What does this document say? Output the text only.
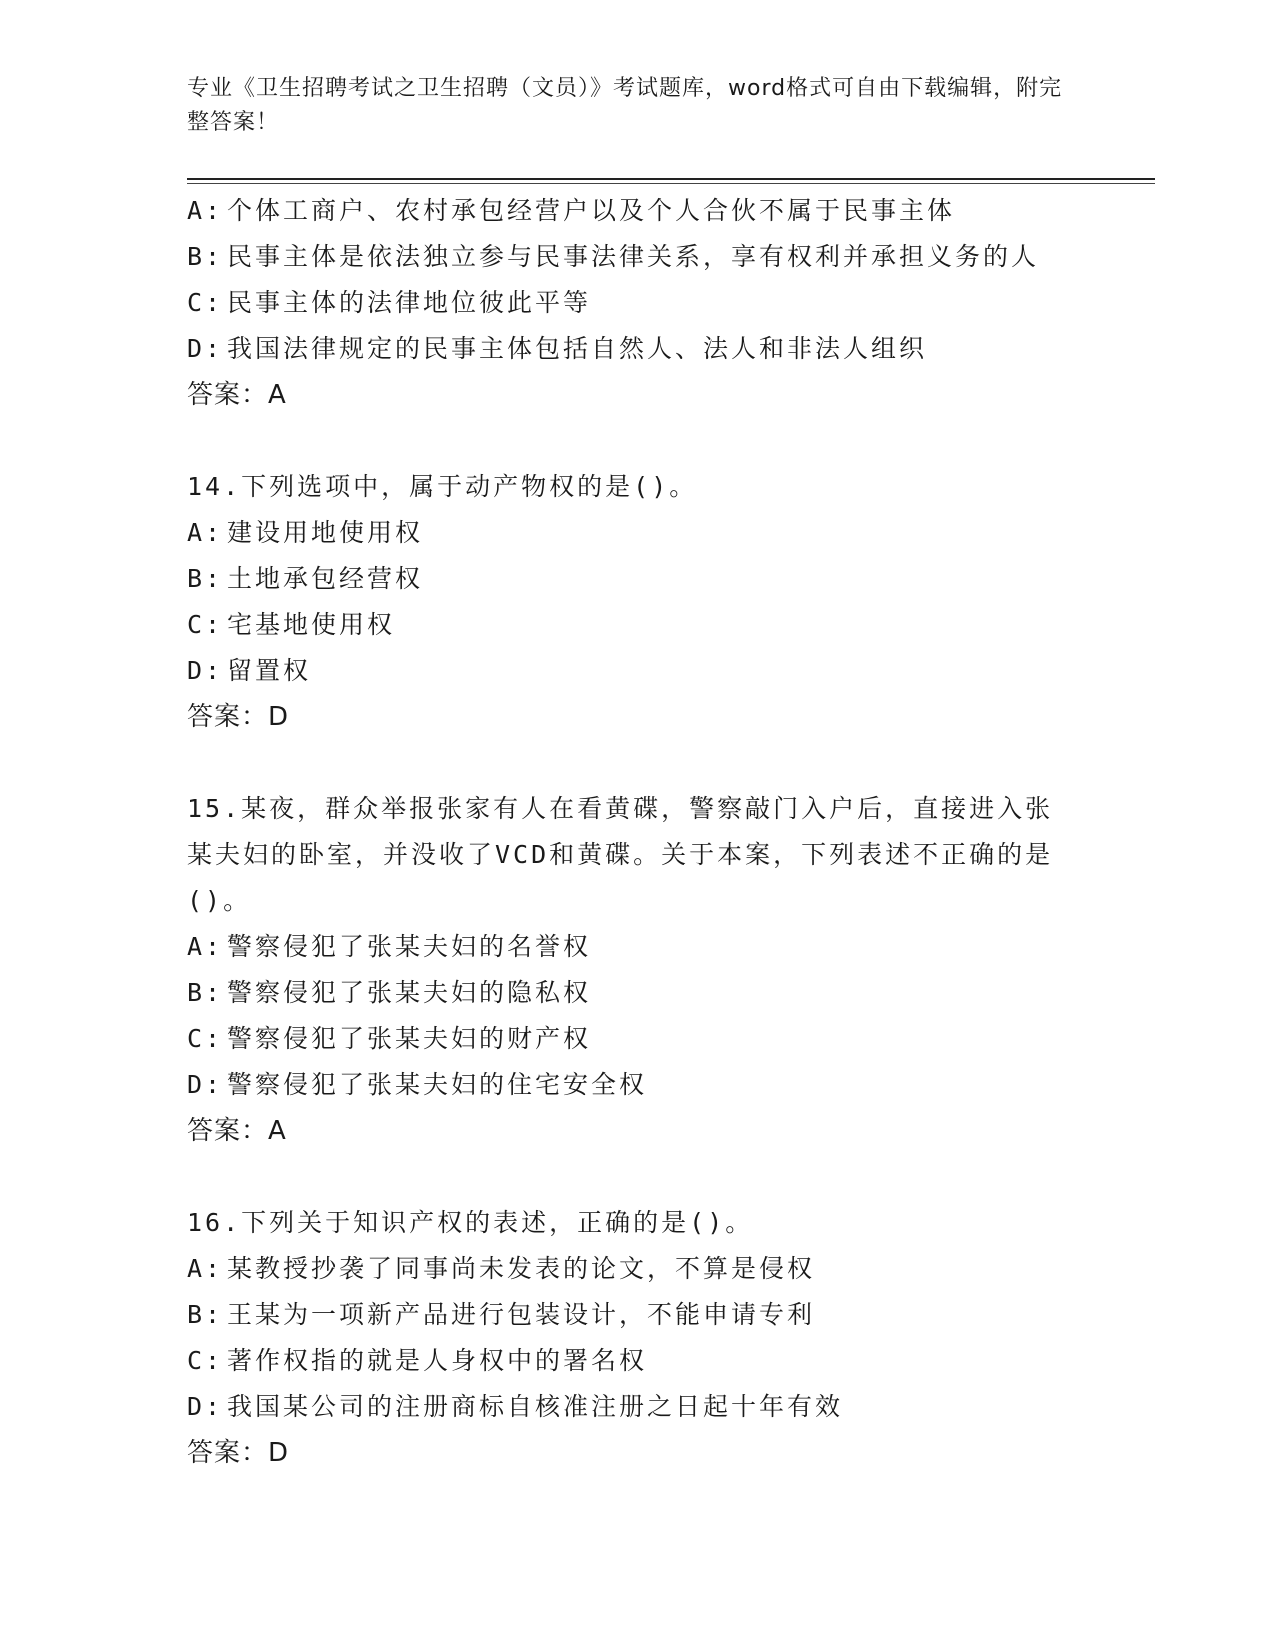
专业《卫生招聘考试之卫生招聘（文员）》考试题库，word格式可自由下载编辑，附完整答案！
A: 个体工商户、农村承包经营户以及个人合伙不属于民事主体
B: 民事主体是依法独立参与民事法律关系，享有权利并承担义务的人
C: 民事主体的法律地位彼此平等
D: 我国法律规定的民事主体包括自然人、法人和非法人组织
答案：A
14.下列选项中，属于动产物权的是()。
A: 建设用地使用权
B: 土地承包经营权
C: 宅基地使用权
D: 留置权
答案：D
15.某夜，群众举报张家有人在看黄碟，警察敲门入户后，直接进入张某夫妇的卧室，并没收了VCD和黄碟。关于本案，下列表述不正确的是()。
A: 警察侵犯了张某夫妇的名誉权
B: 警察侵犯了张某夫妇的隐私权
C: 警察侵犯了张某夫妇的财产权
D: 警察侵犯了张某夫妇的住宅安全权
答案：A
16.下列关于知识产权的表述，正确的是()。
A: 某教授抄袭了同事尚未发表的论文，不算是侵权
B: 王某为一项新产品进行包装设计，不能申请专利
C: 著作权指的就是人身权中的署名权
D: 我国某公司的注册商标自核准注册之日起十年有效
答案：D
